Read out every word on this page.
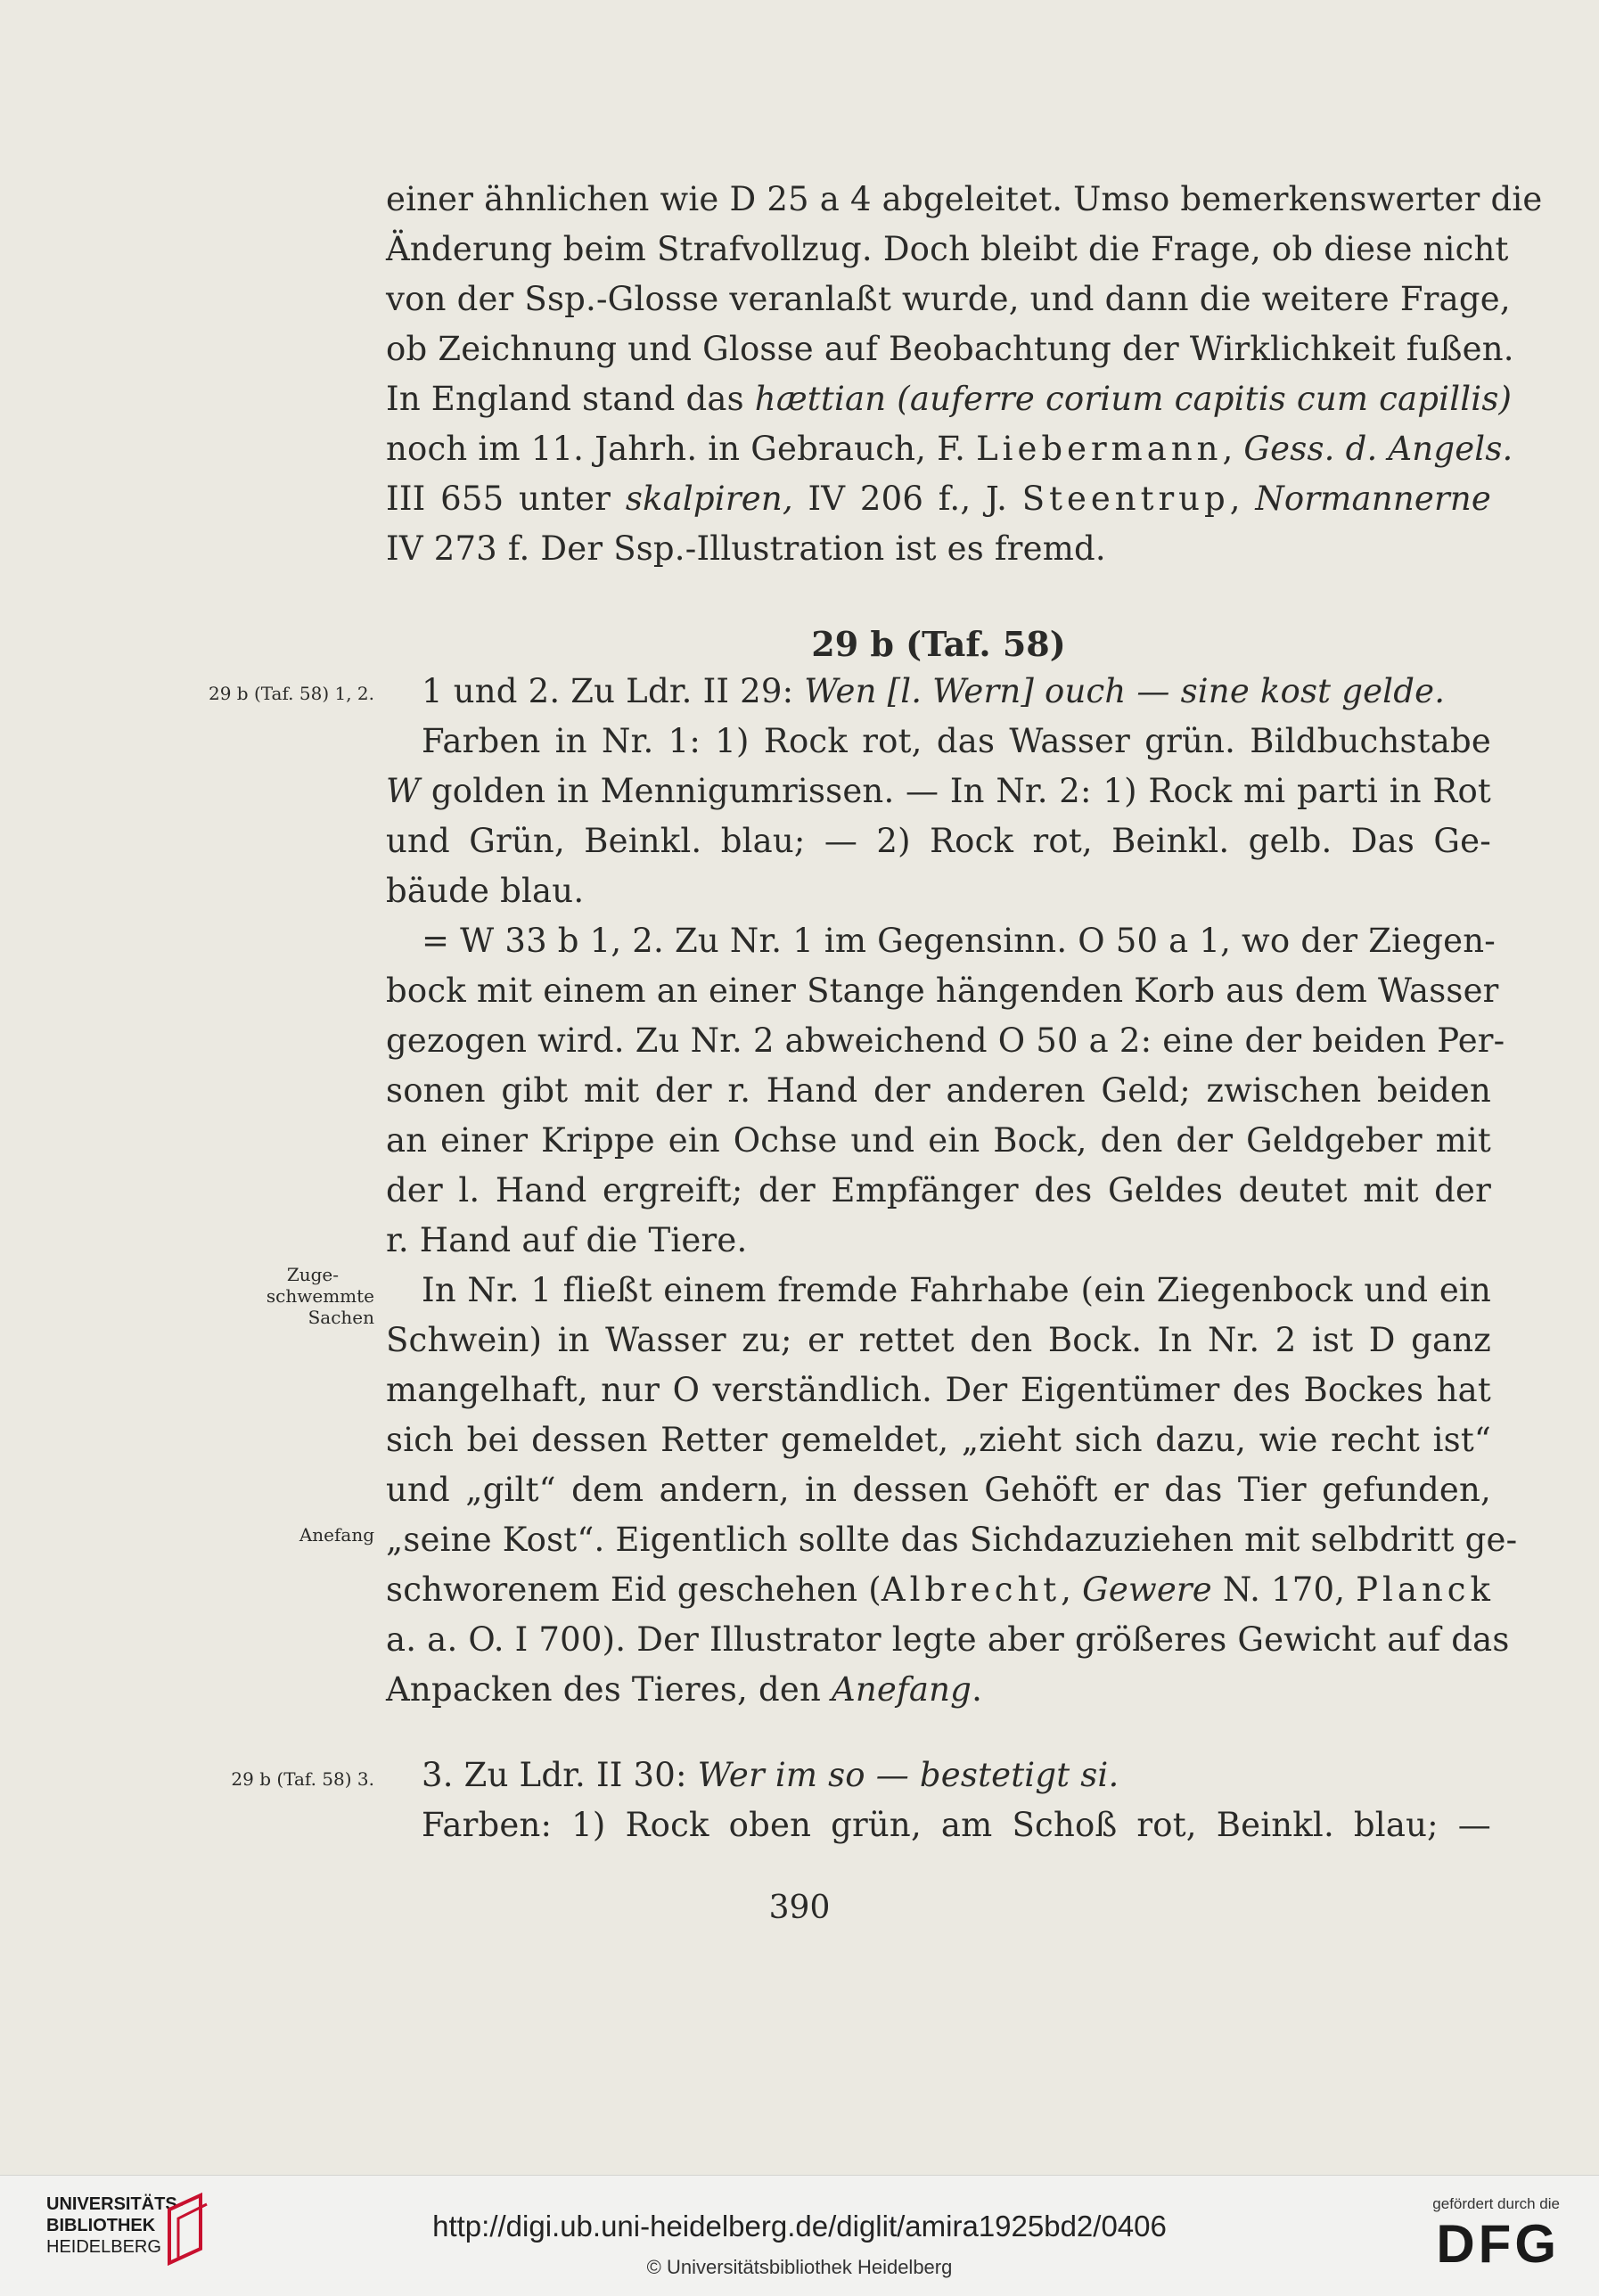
einer ähnlichen wie D 25 a 4 abgeleitet. Umso bemerkenswerter die
Änderung beim Strafvollzug. Doch bleibt die Frage, ob diese nicht
von der Ssp.-Glosse veranlaßt wurde, und dann die weitere Frage,
ob Zeichnung und Glosse auf Beobachtung der Wirklichkeit fußen.
In England stand das hættian (auferre corium capitis cum capillis)
noch im 11. Jahrh. in Gebrauch, F. Liebermann, Gess. d. Angels.
III 655 unter skalpiren, IV 206 f., J. Steentrup, Normannerne
IV 273 f. Der Ssp.-Illustration ist es fremd.
29 b (Taf. 58)
29 b (Taf. 58) 1, 2.	1 und 2. Zu Ldr. II 29: Wen [l. Wern] ouch — sine kost gelde.
Farben in Nr. 1: 1) Rock rot, das Wasser grün. Bildbuchstabe
W golden in Mennigumrissen. — In Nr. 2: 1) Rock mi parti in Rot
und Grün, Beinkl. blau; — 2) Rock rot, Beinkl. gelb. Das Ge-
bäude blau.
= W 33 b 1, 2. Zu Nr. 1 im Gegensinn. O 50 a 1, wo der Ziegen-
bock mit einem an einer Stange hängenden Korb aus dem Wasser
gezogen wird. Zu Nr. 2 abweichend O 50 a 2: eine der beiden Per-
sonen gibt mit der r. Hand der anderen Geld; zwischen beiden
an einer Krippe ein Ochse und ein Bock, den der Geldgeber mit
der l. Hand ergreift; der Empfänger des Geldes deutet mit der
r. Hand auf die Tiere.
In Nr. 1 fließt einem fremde Fahrhabe (ein Ziegenbock und ein
Schwein) in Wasser zu; er rettet den Bock. In Nr. 2 ist D ganz
mangelhaft, nur O verständlich. Der Eigentümer des Bockes hat
sich bei dessen Retter gemeldet, „zieht sich dazu, wie recht ist“
und „gilt“ dem andern, in dessen Gehöft er das Tier gefunden,
„seine Kost“. Eigentlich sollte das Sichdazuziehen mit selbdritt ge-
schworenem Eid geschehen (Albrecht, Gewere N. 170, Planck
a. a. O. I 700). Der Illustrator legte aber größeres Gewicht auf das
Anpacken des Tieres, den Anefang.
Zuge-
schwemmte
Sachen
Anefang
29 b (Taf. 58) 3.	3. Zu Ldr. II 30: Wer im so — bestetigt si.
Farben: 1) Rock oben grün, am Schoß rot, Beinkl. blau; —
390
UNIVERSITÄTS-
BIBLIOTHEK
HEIDELBERG
http://digi.ub.uni-heidelberg.de/diglit/amira1925bd2/0406
© Universitätsbibliothek Heidelberg
gefördert durch die
DFG
